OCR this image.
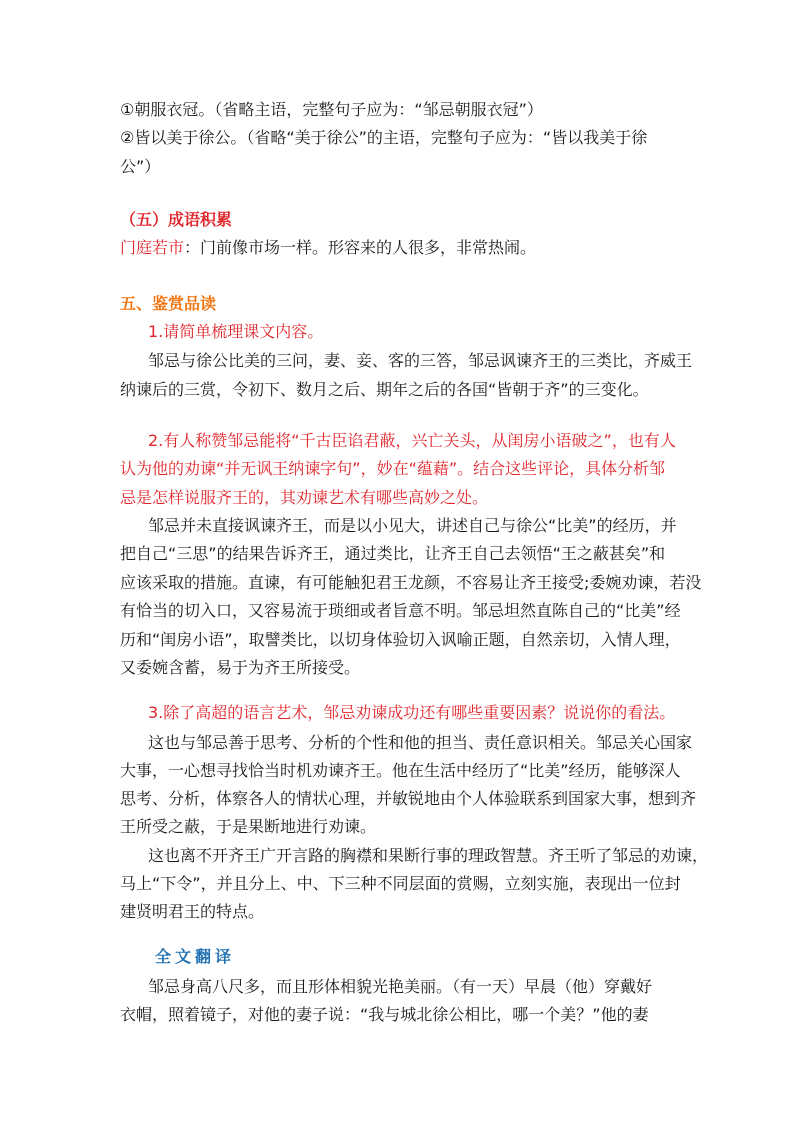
①朝服衣冠。（省略主语，完整句子应为：“邹忌朝服衣冠”）
②皆以美于徐公。（省略“美于徐公”的主语，完整句子应为：“皆以我美于徐
公”）
（五）成语积累
门庭若市：门前像市场一样。形容来的人很多，非常热闹。
五、鉴赏品读
1.请简单梳理课文内容。
邹忌与徐公比美的三问，妻、妾、客的三答，邹忌讽谏齐王的三类比，齐威王
纳谏后的三赏，令初下、数月之后、期年之后的各国“皆朝于齐”的三变化。
2.有人称赞邹忌能将“千古臣谄君蔽，兴亡关头，从闺房小语破之”，也有人
认为他的劝谏“并无讽王纳谏字句”，妙在“蕴藉”。结合这些评论，具体分析邹
忌是怎样说服齐王的，其劝谏艺术有哪些高妙之处。
邹忌并未直接讽谏齐王，而是以小见大，讲述自己与徐公“比美”的经历，并
把自己“三思”的结果告诉齐王，通过类比，让齐王自己去领悟“王之蔽甚矣”和
应该采取的措施。直谏，有可能触犯君王龙颜，不容易让齐王接受;委婉劝谏，若没
有恰当的切入口，又容易流于琐细或者旨意不明。邹忌坦然直陈自己的“比美”经
历和“闺房小语”，取譬类比，以切身体验切入讽喻正题，自然亲切，入情人理，
又委婉含蓄，易于为齐王所接受。
3.除了高超的语言艺术，邹忌劝谏成功还有哪些重要因素？说说你的看法。
这也与邹忌善于思考、分析的个性和他的担当、责任意识相关。邹忌关心国家
大事，一心想寻找恰当时机劝谏齐王。他在生活中经历了“比美”经历，能够深人
思考、分析，体察各人的情状心理，并敏锐地由个人体验联系到国家大事，想到齐
王所受之蔽，于是果断地进行劝谏。
这也离不开齐王广开言路的胸襟和果断行事的理政智慧。齐王听了邹忌的劝谏，
马上“下令”，并且分上、中、下三种不同层面的赏赐，立刻实施，表现出一位封
建贤明君王的特点。
全文翻译
邹忌身高八尺多，而且形体相貌光艳美丽。（有一天）早晨（他）穿戴好
衣帽，照着镜子，对他的妻子说：“我与城北徐公相比，哪一个美？”他的妻
